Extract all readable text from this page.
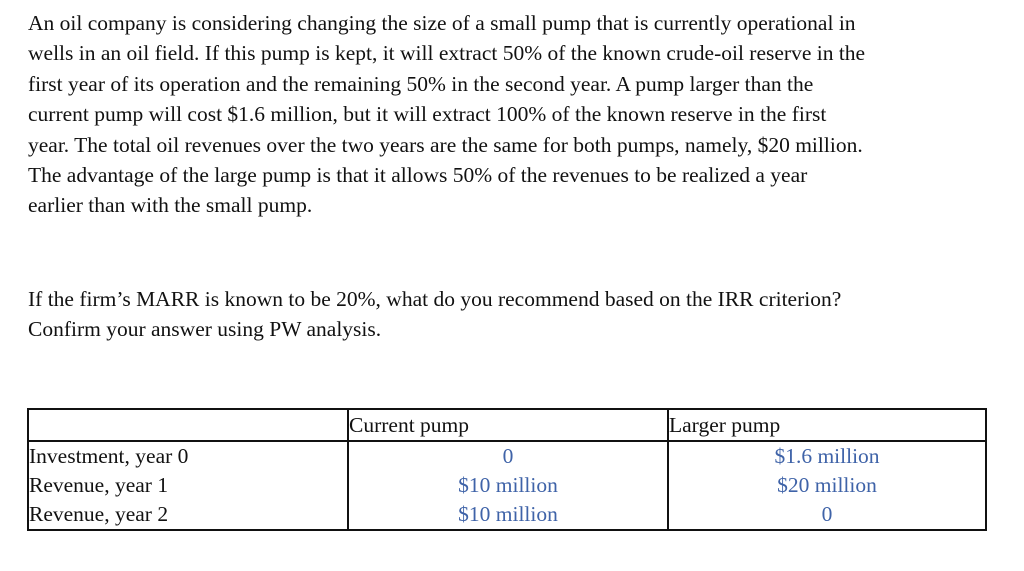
An oil company is considering changing the size of a small pump that is currently operational in
wells in an oil field. If this pump is kept, it will extract 50% of the known crude-oil reserve in the
first year of its operation and the remaining 50% in the second year. A pump larger than the
current pump will cost $1.6 million, but it will extract 100% of the known reserve in the first
year. The total oil revenues over the two years are the same for both pumps, namely, $20 million.
The advantage of the large pump is that it allows 50% of the revenues to be realized a year
earlier than with the small pump.
If the firm’s MARR is known to be 20%, what do you recommend based on the IRR criterion?
Confirm your answer using PW analysis.
	Current pump	Larger pump
Investment, year 0	0	$1.6 million
Revenue, year 1	$10 million	$20 million
Revenue, year 2	$10 million	0
